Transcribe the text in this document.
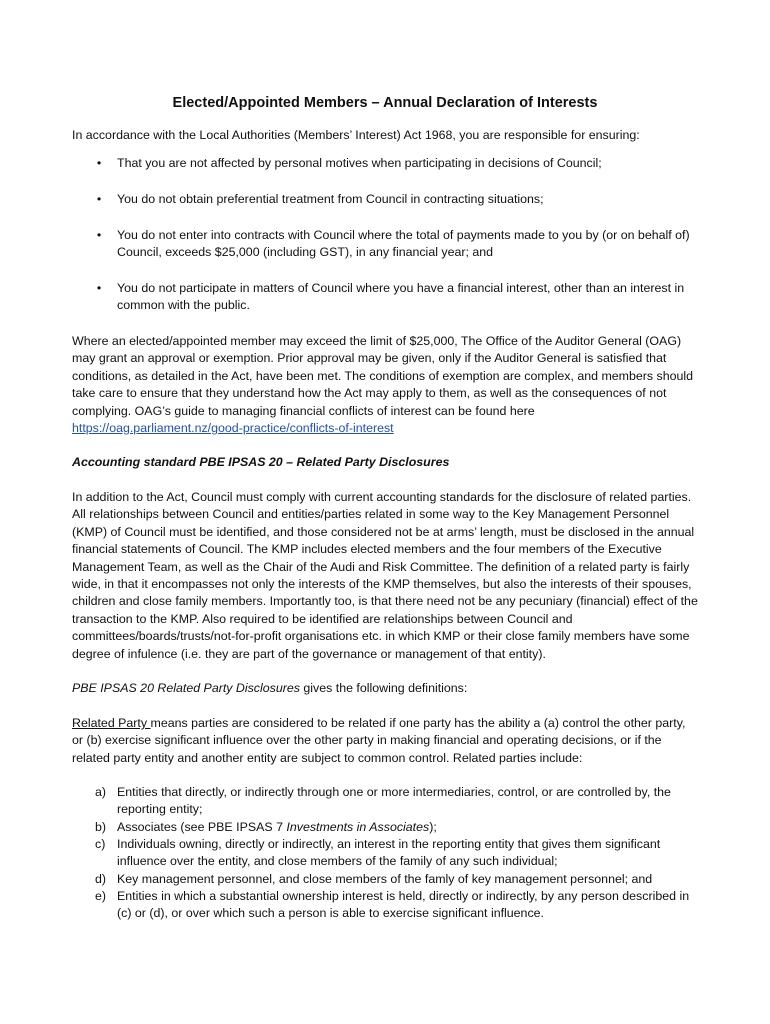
Elected/Appointed Members – Annual Declaration of Interests

In accordance with the Local Authorities (Members’ Interest) Act 1968, you are responsible for ensuring:

•	That you are not affected by personal motives when participating in decisions of Council;
•	You do not obtain preferential treatment from Council in contracting situations;
•	You do not enter into contracts with Council where the total of payments made to you by (or on behalf of) Council, exceeds $25,000 (including GST), in any financial year; and
•	You do not participate in matters of Council where you have a financial interest, other than an interest in common with the public.

Where an elected/appointed member may exceed the limit of $25,000, The Office of the Auditor General (OAG) may grant an approval or exemption. Prior approval may be given, only if the Auditor General is satisfied that conditions, as detailed in the Act, have been met. The conditions of exemption are complex, and members should take care to ensure that they understand how the Act may apply to them, as well as the consequences of not complying. OAG’s guide to managing financial conflicts of interest can be found here https://oag.parliament.nz/good-practice/conflicts-of-interest

Accounting standard PBE IPSAS 20 – Related Party Disclosures

In addition to the Act, Council must comply with current accounting standards for the disclosure of related parties. All relationships between Council and entities/parties related in some way to the Key Management Personnel (KMP) of Council must be identified, and those considered not be at arms’ length, must be disclosed in the annual financial statements of Council. The KMP includes elected members and the four members of the Executive Management Team, as well as the Chair of the Audi and Risk Committee. The definition of a related party is fairly wide, in that it encompasses not only the interests of the KMP themselves, but also the interests of their spouses, children and close family members. Importantly too, is that there need not be any pecuniary (financial) effect of the transaction to the KMP. Also required to be identified are relationships between Council and committees/boards/trusts/not-for-profit organisations etc. in which KMP or their close family members have some degree of infulence (i.e. they are part of the governance or management of that entity).

PBE IPSAS 20 Related Party Disclosures gives the following definitions:

Related Party means parties are considered to be related if one party has the ability a (a) control the other party, or (b) exercise significant influence over the other party in making financial and operating decisions, or if the related party entity and another entity are subject to common control. Related parties include:

a) Entities that directly, or indirectly through one or more intermediaries, control, or are controlled by, the reporting entity;
b) Associates (see PBE IPSAS 7 Investments in Associates);
c) Individuals owning, directly or indirectly, an interest in the reporting entity that gives them significant influence over the entity, and close members of the family of any such individual;
d) Key management personnel, and close members of the famly of key management personnel; and
e) Entities in which a substantial ownership interest is held, directly or indirectly, by any person described in (c) or (d), or over which such a person is able to exercise significant influence.
